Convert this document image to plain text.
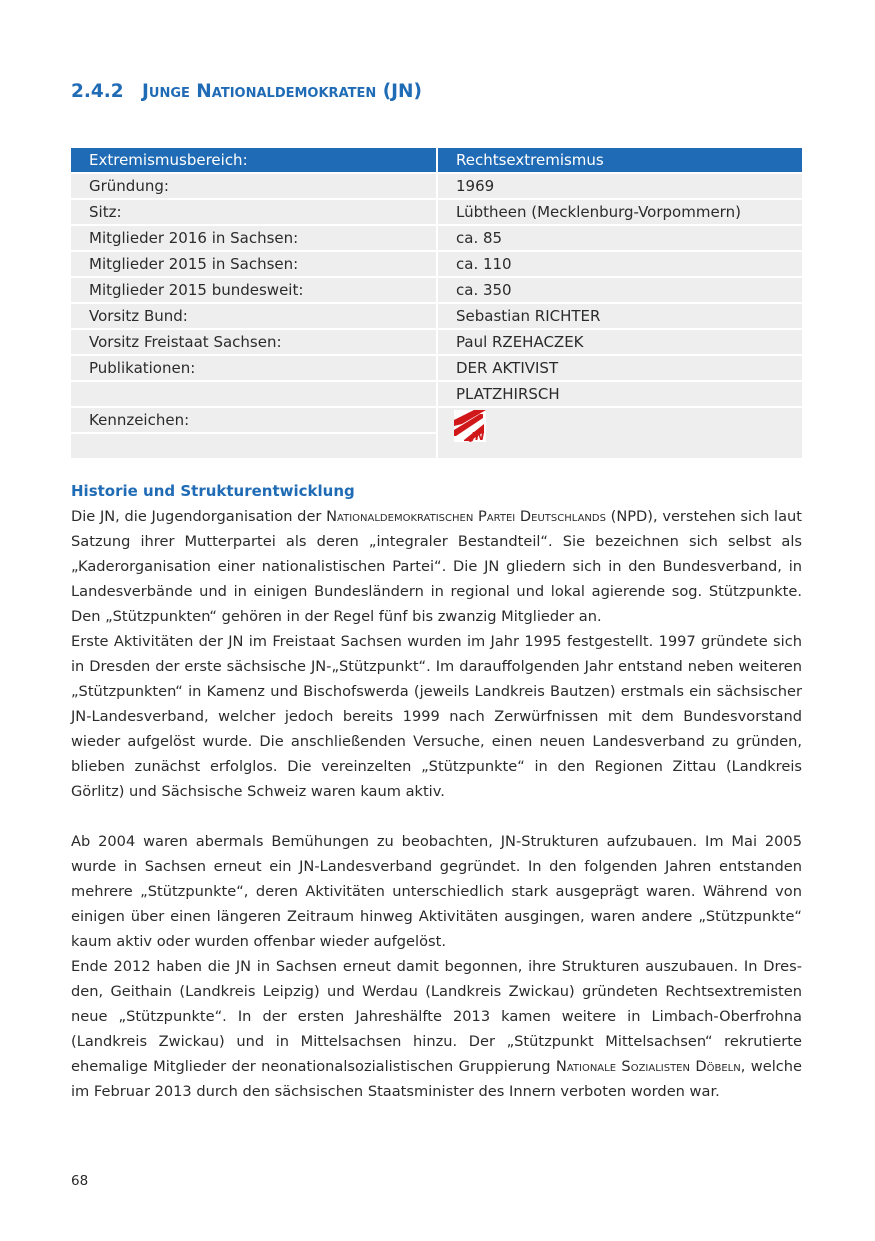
2.4.2 Junge Nationaldemokraten (JN)
Extremismusbereich:	Rechtsextremismus
Gründung:	1969
Sitz:	Lübtheen (Mecklenburg-Vorpommern)
Mitglieder 2016 in Sachsen:	ca. 85
Mitglieder 2015 in Sachsen:	ca. 110
Mitglieder 2015 bundesweit:	ca. 350
Vorsitz Bund:	Sebastian RICHTER
Vorsitz Freistaat Sachsen:	Paul RZEHACZEK
Publikationen:	DER AKTIVIST
	PLATZHIRSCH
Kennzeichen:	JN

Historie und Strukturentwicklung

Die JN, die Jugendorganisation der Nationaldemokratischen Partei Deutschlands (NPD), verstehen sich laut Satzung ihrer Mutterpartei als deren „integraler Bestandteil“. Sie bezeichnen sich selbst als „Kaderorganisation einer nationalistischen Partei“. Die JN gliedern sich in den Bundesverband, in Landesverbände und in einigen Bundesländern in regional und lokal agierende sog. Stützpunkte. Den „Stützpunkten“ gehören in der Regel fünf bis zwanzig Mitglieder an.

Erste Aktivitäten der JN im Freistaat Sachsen wurden im Jahr 1995 festgestellt. 1997 gründete sich in Dresden der erste sächsische JN-„Stützpunkt“. Im darauffolgenden Jahr entstand neben weiteren „Stützpunkten“ in Kamenz und Bischofswerda (jeweils Landkreis Bautzen) erstmals ein sächsischer JN-Landesverband, welcher jedoch bereits 1999 nach Zerwürfnissen mit dem Bundesvorstand wieder aufgelöst wurde. Die anschließenden Versuche, einen neuen Landesverband zu gründen, blieben zunächst erfolglos. Die vereinzelten „Stützpunkte“ in den Regionen Zittau (Landkreis Görlitz) und Sächsische Schweiz waren kaum aktiv.

Ab 2004 waren abermals Bemühungen zu beobachten, JN-Strukturen aufzubauen. Im Mai 2005 wurde in Sachsen erneut ein JN-Landesverband gegründet. In den folgenden Jahren entstanden mehrere „Stützpunkte“, deren Aktivitäten unterschiedlich stark ausgeprägt waren. Während von einigen über einen längeren Zeitraum hinweg Aktivitäten ausgingen, waren andere „Stützpunkte“ kaum aktiv oder wurden offenbar wieder aufgelöst.

Ende 2012 haben die JN in Sachsen erneut damit begonnen, ihre Strukturen auszubauen. In Dresden, Geithain (Landkreis Leipzig) und Werdau (Landkreis Zwickau) gründeten Rechtsextremisten neue „Stützpunkte“. In der ersten Jahreshälfte 2013 kamen weitere in Limbach-Oberfrohna (Landkreis Zwickau) und in Mittelsachsen hinzu. Der „Stützpunkt Mittelsachsen“ rekrutierte ehemalige Mitglieder der neonationalsozialistischen Gruppierung Nationale Sozialisten Döbeln, welche im Februar 2013 durch den sächsischen Staatsminister des Innern verboten worden war.

68
